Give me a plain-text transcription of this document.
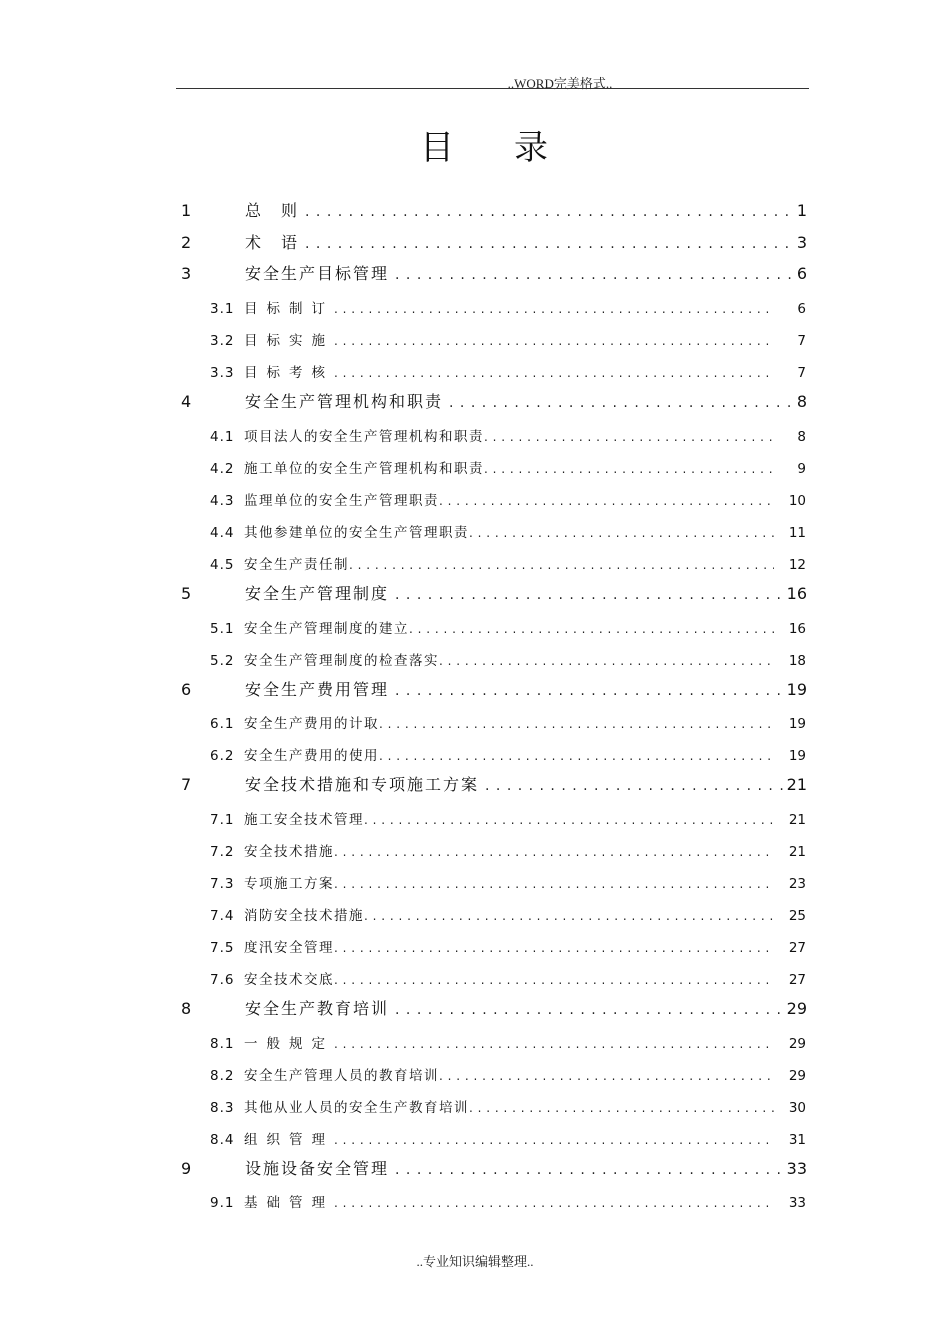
..WORD完美格式..
目录
1	总　则 . . .	1
2	术　语 . . .	3
3	安全生产目标管理 . . .	6
3.1 目标制订 . . .	6
3.2 目标实施 . . .	7
3.3 目标考核 . . .	7
4	安全生产管理机构和职责 . . .	8
4.1 项目法人的安全生产管理机构和职责 . . .	8
4.2 施工单位的安全生产管理机构和职责 . . .	9
4.3 监理单位的安全生产管理职责 . . .	10
4.4 其他参建单位的安全生产管理职责 . . .	11
4.5 安全生产责任制 . . .	12
5	安全生产管理制度 . . .	16
5.1 安全生产管理制度的建立 . . .	16
5.2 安全生产管理制度的检查落实 . . .	18
6	安全生产费用管理 . . .	19
6.1 安全生产费用的计取 . . .	19
6.2 安全生产费用的使用 . . .	19
7	安全技术措施和专项施工方案 . . .	21
7.1 施工安全技术管理 . . .	21
7.2 安全技术措施 . . .	21
7.3 专项施工方案 . . .	23
7.4 消防安全技术措施 . . .	25
7.5 度汛安全管理 . . .	27
7.6 安全技术交底 . . .	27
8	安全生产教育培训 . . .	29
8.1 一般规定 . . .	29
8.2 安全生产管理人员的教育培训 . . .	29
8.3 其他从业人员的安全生产教育培训 . . .	30
8.4 组织管理 . . .	31
9	设施设备安全管理 . . .	33
9.1 基础管理 . . .	33
..专业知识编辑整理..
